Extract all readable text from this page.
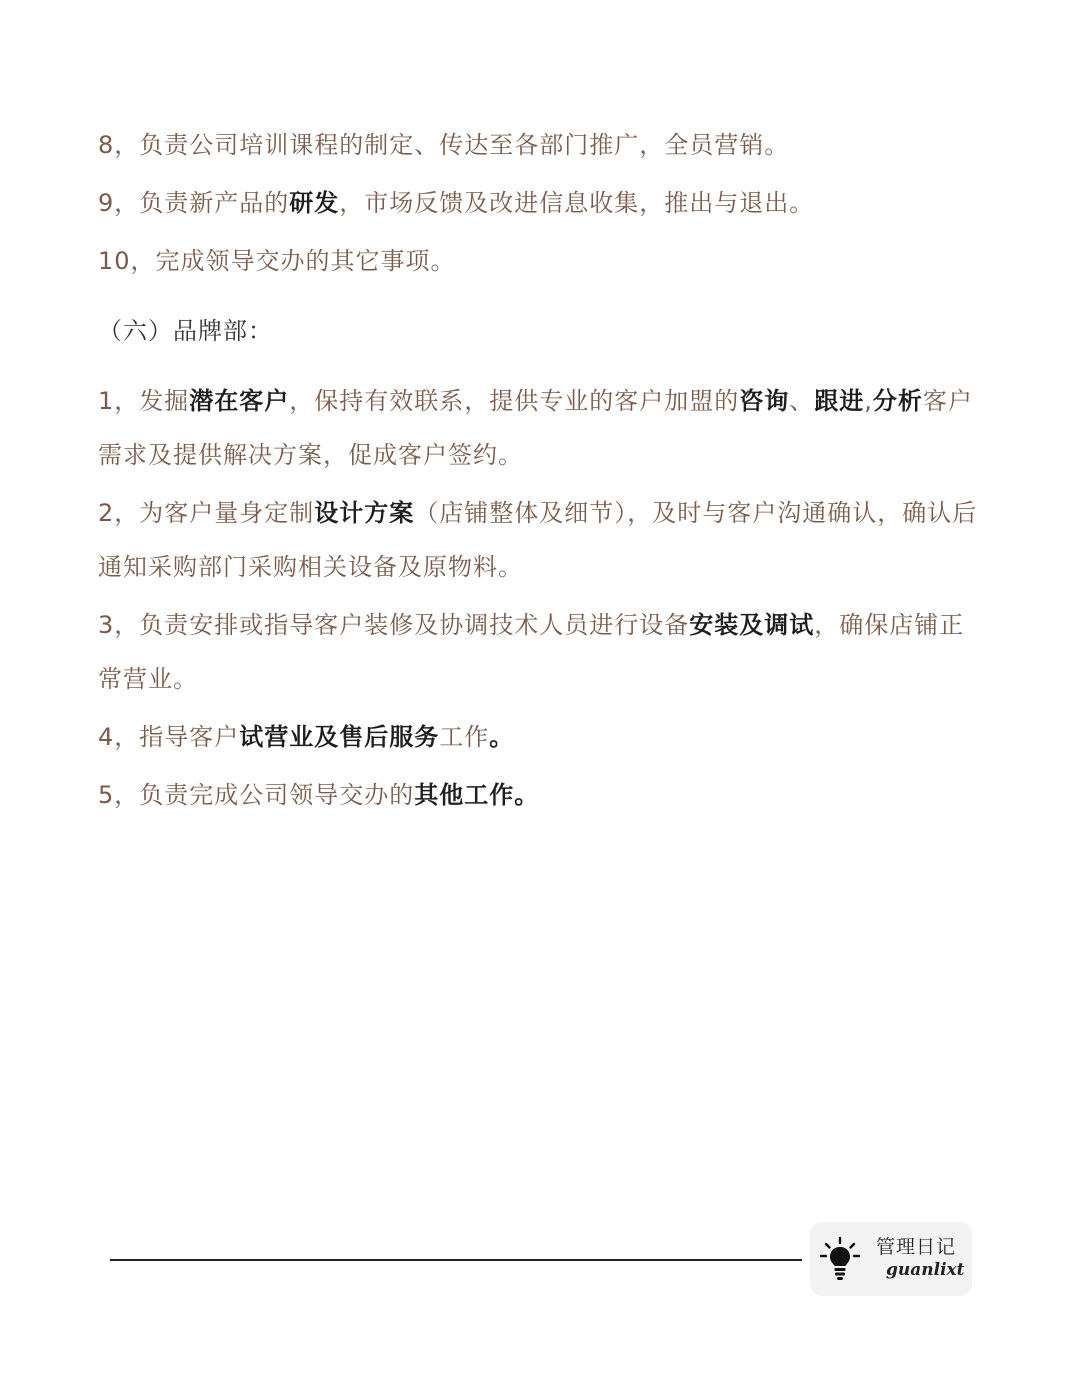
8，负责公司培训课程的制定、传达至各部门推广，全员营销。
9，负责新产品的研发，市场反馈及改进信息收集，推出与退出。
10，完成领导交办的其它事项。
（六）品牌部：
1，发掘潜在客户，保持有效联系，提供专业的客户加盟的咨询、跟进,分析客户需求及提供解决方案，促成客户签约。
2，为客户量身定制设计方案（店铺整体及细节），及时与客户沟通确认，确认后通知采购部门采购相关设备及原物料。
3，负责安排或指导客户装修及协调技术人员进行设备安装及调试，确保店铺正常营业。
4，指导客户试营业及售后服务工作。
5，负责完成公司领导交办的其他工作。
管理日记
guanlixt
